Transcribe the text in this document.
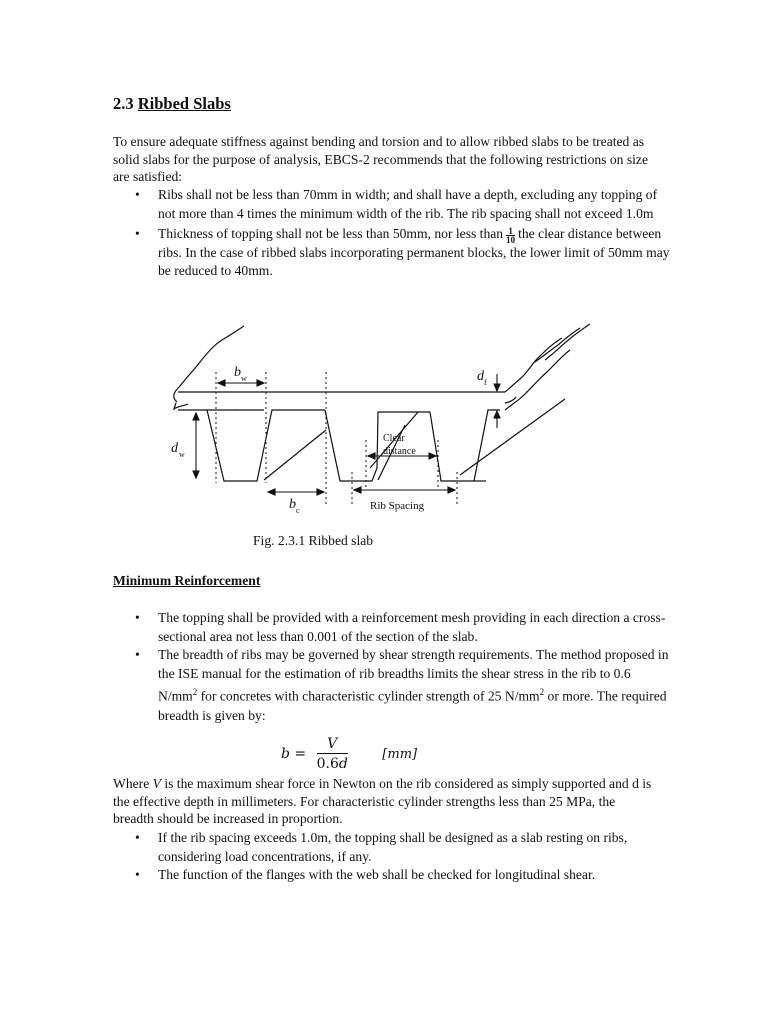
2.3 Ribbed Slabs
To ensure adequate stiffness against bending and torsion and to allow ribbed slabs to be treated as solid slabs for the purpose of analysis, EBCS-2 recommends that the following restrictions on size are satisfied:
• Ribs shall not be less than 70mm in width; and shall have a depth, excluding any topping of not more than 4 times the minimum width of the rib. The rib spacing shall not exceed 1.0m
• Thickness of topping shall not be less than 50mm, nor less than $\frac{1}{10}$ the clear distance between ribs. In the case of ribbed slabs incorporating permanent blocks, the lower limit of 50mm may be reduced to 40mm.
b w	d f
d w
b c
Clear
distance
Rib Spacing
Fig. 2.3.1 Ribbed slab
Minimum Reinforcement
• The topping shall be provided with a reinforcement mesh providing in each direction a cross-sectional area not less than 0.001 of the section of the slab.
• The breadth of ribs may be governed by shear strength requirements. The method proposed in the ISE manual for the estimation of rib breadths limits the shear stress in the rib to 0.6 $N/mm^2$ for concretes with characteristic cylinder strength of 25 $N/mm^2$ or more. The required breadth is given by:
$b = \frac{V}{0.6d}$	[mm]
Where V is the maximum shear force in Newton on the rib considered as simply supported and d is the effective depth in millimeters. For characteristic cylinder strengths less than 25 MPa, the breadth should be increased in proportion.
• If the rib spacing exceeds 1.0m, the topping shall be designed as a slab resting on ribs, considering load concentrations, if any.
• The function of the flanges with the web shall be checked for longitudinal shear.
